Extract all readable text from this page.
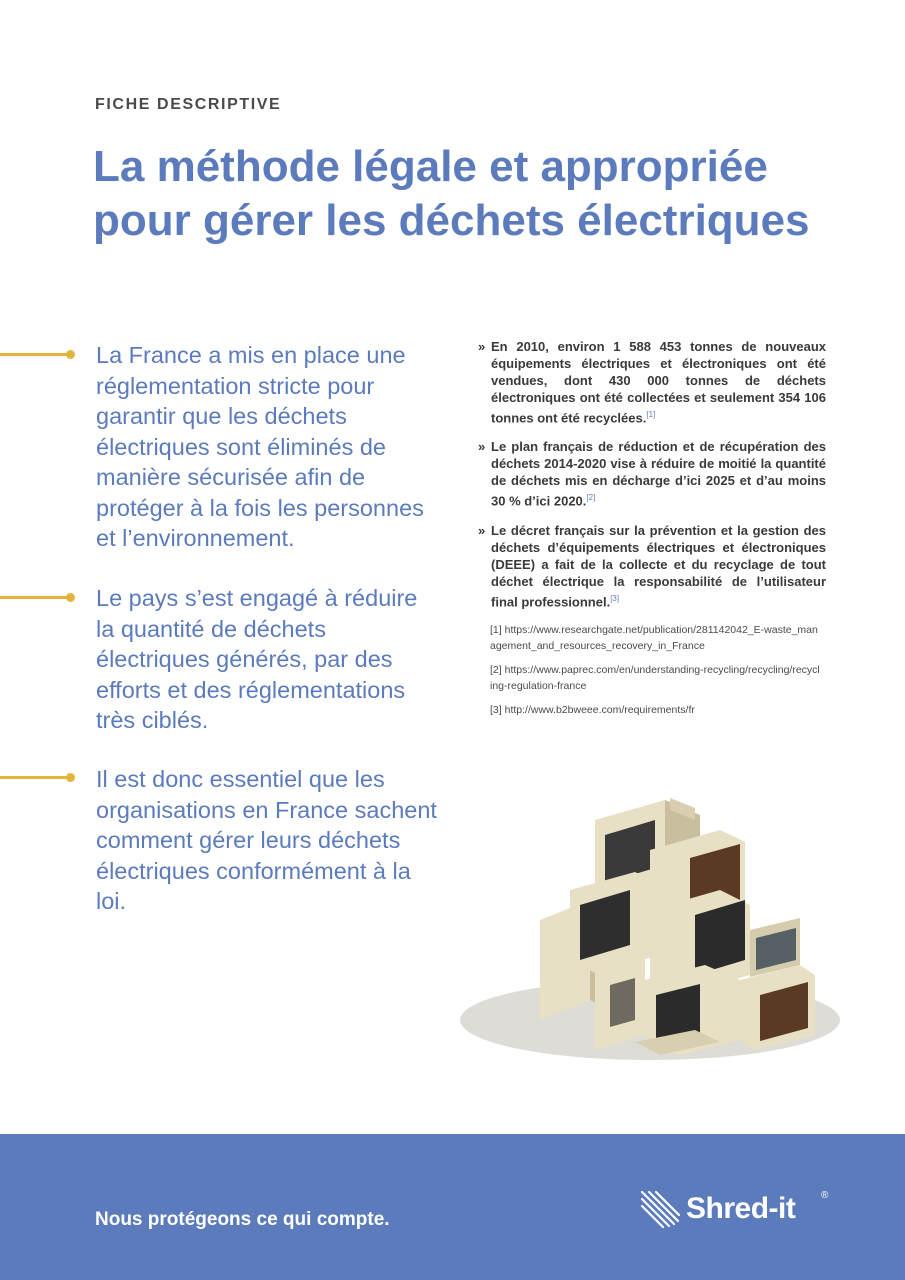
FICHE DESCRIPTIVE
La méthode légale et appropriée pour gérer les déchets électriques

La France a mis en place une réglementation stricte pour garantir que les déchets électriques sont éliminés de manière sécurisée afin de protéger à la fois les personnes et l’environnement.

Le pays s’est engagé à réduire la quantité de déchets électriques générés, par des efforts et des réglementations très ciblés.

Il est donc essentiel que les organisations en France sachent comment gérer leurs déchets électriques conformément à la loi.

» En 2010, environ 1 588 453 tonnes de nouveaux équipements électriques et électroniques ont été vendues, dont 430 000 tonnes de déchets électroniques ont été collectées et seulement 354 106 tonnes ont été recyclées.[1]
» Le plan français de réduction et de récupération des déchets 2014-2020 vise à réduire de moitié la quantité de déchets mis en décharge d’ici 2025 et d’au moins 30 % d’ici 2020.[2]
» Le décret français sur la prévention et la gestion des déchets d’équipements électriques et électroniques (DEEE) a fait de la collecte et du recyclage de tout déchet électrique la responsabilité de l’utilisateur final professionnel.[3]
[1] https://www.researchgate.net/publication/281142042_E-waste_management_and_resources_recovery_in_France
[2] https://www.paprec.com/en/understanding-recycling/recycling/recycling-regulation-france
[3] http://www.b2bweee.com/requirements/fr
Nous protégeons ce qui compte.	Shred-it	®
